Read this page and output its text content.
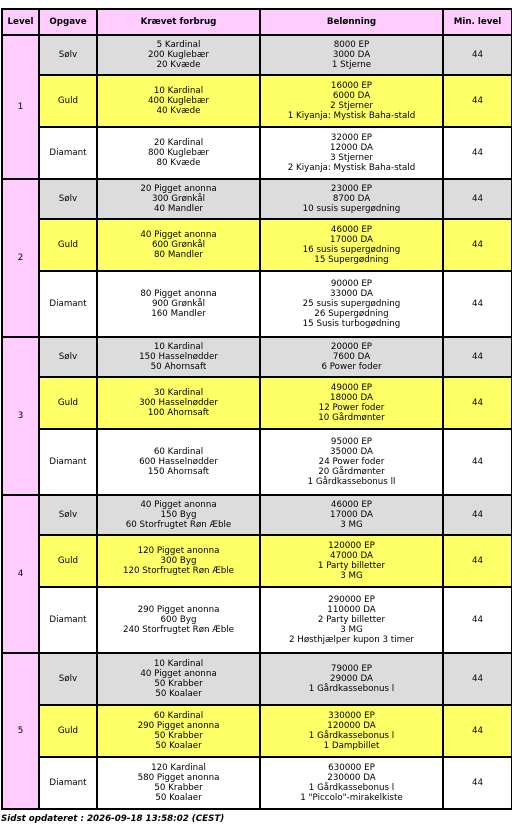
Level	Opgave	Krævet forbrug	Belønning	Min. level
1	Sølv	5 Kardinal
200 Kuglebær
20 Kvæde	8000 EP
3000 DA
1 Stjerne	44
	Guld	10 Kardinal
400 Kuglebær
40 Kvæde	16000 EP
6000 DA
2 Stjerner
1 Kiyanja: Mystisk Baha-stald	44
	Diamant	20 Kardinal
800 Kuglebær
80 Kvæde	32000 EP
12000 DA
3 Stjerner
2 Kiyanja: Mystisk Baha-stald	44
2	Sølv	20 Pigget anonna
300 Grønkål
40 Mandler	23000 EP
8700 DA
10 susis supergødning	44
	Guld	40 Pigget anonna
600 Grønkål
80 Mandler	46000 EP
17000 DA
16 susis supergødning
15 Supergødning	44
	Diamant	80 Pigget anonna
900 Grønkål
160 Mandler	90000 EP
33000 DA
25 susis supergødning
26 Supergødning
15 Susis turbogødning	44
3	Sølv	10 Kardinal
150 Hasselnødder
50 Ahornsaft	20000 EP
7600 DA
6 Power foder	44
	Guld	30 Kardinal
300 Hasselnødder
100 Ahornsaft	49000 EP
18000 DA
12 Power foder
10 Gårdmønter	44
	Diamant	60 Kardinal
600 Hasselnødder
150 Ahornsaft	95000 EP
35000 DA
24 Power foder
20 Gårdmønter
1 Gårdkassebonus ll	44
4	Sølv	40 Pigget anonna
150 Byg
60 Storfrugtet Røn Æble	46000 EP
17000 DA
3 MG	44
	Guld	120 Pigget anonna
300 Byg
120 Storfrugtet Røn Æble	120000 EP
47000 DA
1 Party billetter
3 MG	44
	Diamant	290 Pigget anonna
600 Byg
240 Storfrugtet Røn Æble	290000 EP
110000 DA
2 Party billetter
3 MG
2 Høsthjælper kupon 3 timer	44
5	Sølv	10 Kardinal
40 Pigget anonna
50 Krabber
50 Koalaer	79000 EP
29000 DA
1 Gårdkassebonus l	44
	Guld	60 Kardinal
290 Pigget anonna
50 Krabber
50 Koalaer	330000 EP
120000 DA
1 Gårdkassebonus l
1 Dampbillet	44
	Diamant	120 Kardinal
580 Pigget anonna
50 Krabber
50 Koalaer	630000 EP
230000 DA
1 Gårdkassebonus l
1 "Piccolo"-mirakelkiste	44
Sidst opdateret : 2026-09-18 13:58:02 (CEST)
